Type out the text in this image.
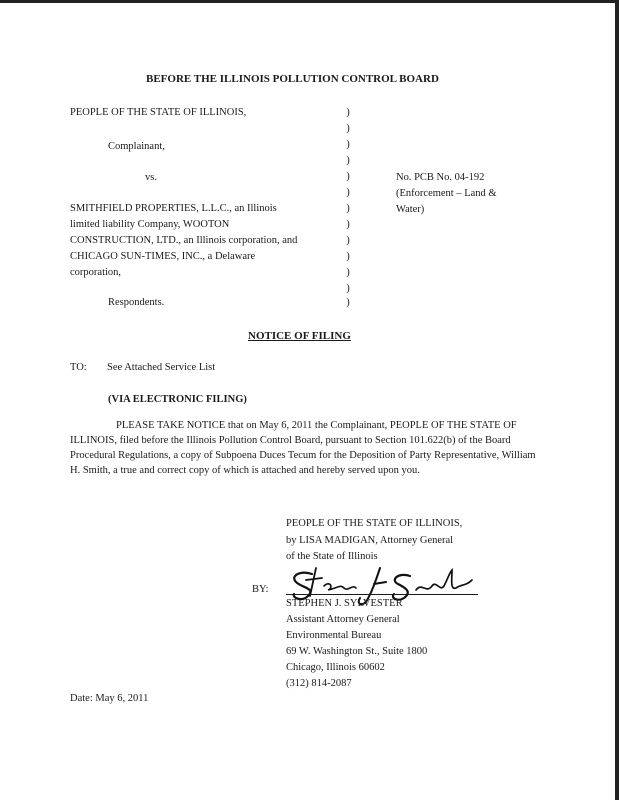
BEFORE THE ILLINOIS POLLUTION CONTROL BOARD
PEOPLE OF THE STATE OF ILLINOIS,
Complainant,
vs.
SMITHFIELD PROPERTIES, L.L.C., an Illinois
limited liability Company, WOOTON
CONSTRUCTION, LTD., an Illinois corporation, and
CHICAGO SUN-TIMES, INC., a Delaware
corporation,
Respondents.
)
)
)
)
)
)
)
)
)
)
)
)
)
No. PCB No. 04-192
(Enforcement – Land &
Water)
NOTICE OF FILING
TO: See Attached Service List
(VIA ELECTRONIC FILING)
PLEASE TAKE NOTICE that on May 6, 2011 the Complainant, PEOPLE OF THE STATE OF ILLINOIS, filed before the Illinois Pollution Control Board, pursuant to Section 101.622(b) of the Board Procedural Regulations, a copy of Subpoena Duces Tecum for the Deposition of Party Representative, William H. Smith, a true and correct copy of which is attached and hereby served upon you.
PEOPLE OF THE STATE OF ILLINOIS,
by LISA MADIGAN, Attorney General
of the State of Illinois
BY:
STEPHEN J. SYLVESTER
Assistant Attorney General
Environmental Bureau
69 W. Washington St., Suite 1800
Chicago, Illinois 60602
(312) 814-2087
Date: May 6, 2011
